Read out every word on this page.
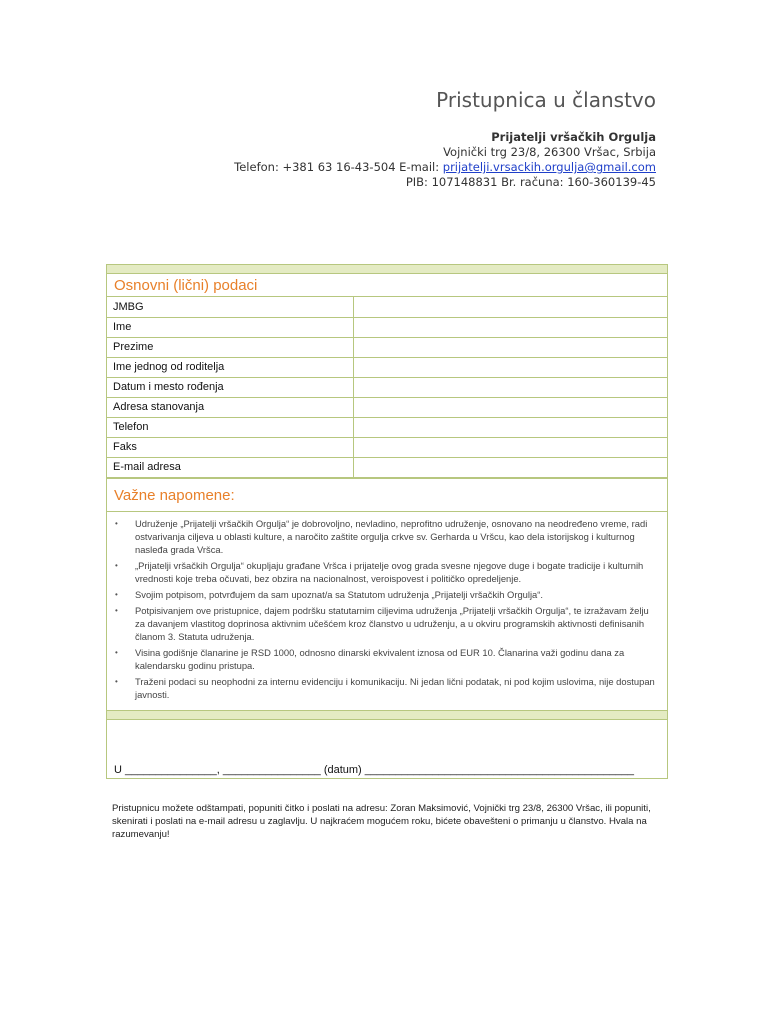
Pristupnica u članstvo
Prijatelji vršačkih Orgulja
Vojnički trg 23/8, 26300 Vršac, Srbija
Telefon: +381 63 16-43-504 E-mail: prijatelji.vrsackih.orgulja@gmail.com
PIB: 107148831 Br. računa: 160-360139-45
Osnovni (lični) podaci
JMBG	
Ime	
Prezime	
Ime jednog od roditelja	
Datum i mesto rođenja	
Adresa stanovanja	
Telefon	
Faks	
E-mail adresa	
Važne napomene:
• Udruženje „Prijatelji vršačkih Orgulja“ je dobrovoljno, nevladino, neprofitno udruženje, osnovano na neodređeno vreme, radi ostvarivanja ciljeva u oblasti kulture, a naročito zaštite orgulja crkve sv. Gerharda u Vršcu, kao dela istorijskog i kulturnog nasleđa grada Vršca.
• „Prijatelji vršačkih Orgulja“ okupljaju građane Vršca i prijatelje ovog grada svesne njegove duge i bogate tradicije i kulturnih vrednosti koje treba očuvati, bez obzira na nacionalnost, veroispovest i političko opredeljenje.
• Svojim potpisom, potvrđujem da sam upoznat/a sa Statutom udruženja „Prijatelji vršačkih Orgulja“.
• Potpisivanjem ove pristupnice, dajem podršku statutarnim ciljevima udruženja „Prijatelji vršačkih Orgulja“, te izražavam želju za davanjem vlastitog doprinosa aktivnim učešćem kroz članstvo u udruženju, a u okviru programskih aktivnosti definisanih članom 3. Statuta udruženja.
• Visina godišnje članarine je RSD 1000, odnosno dinarski ekvivalent iznosa od EUR 10. Članarina važi godinu dana za kalendarsku godinu pristupa.
• Traženi podaci su neophodni za internu evidenciju i komunikaciju. Ni jedan lični podatak, ni pod kojim uslovima, nije dostupan javnosti.
U _______________, ________________ (datum) ____________________________________________
Pristupnicu možete odštampati, popuniti čitko i poslati na adresu: Zoran Maksimović, Vojnički trg 23/8, 26300 Vršac, ili popuniti, skenirati i poslati na e-mail adresu u zaglavlju. U najkraćem mogućem roku, bićete obavešteni o primanju u članstvo. Hvala na razumevanju!
